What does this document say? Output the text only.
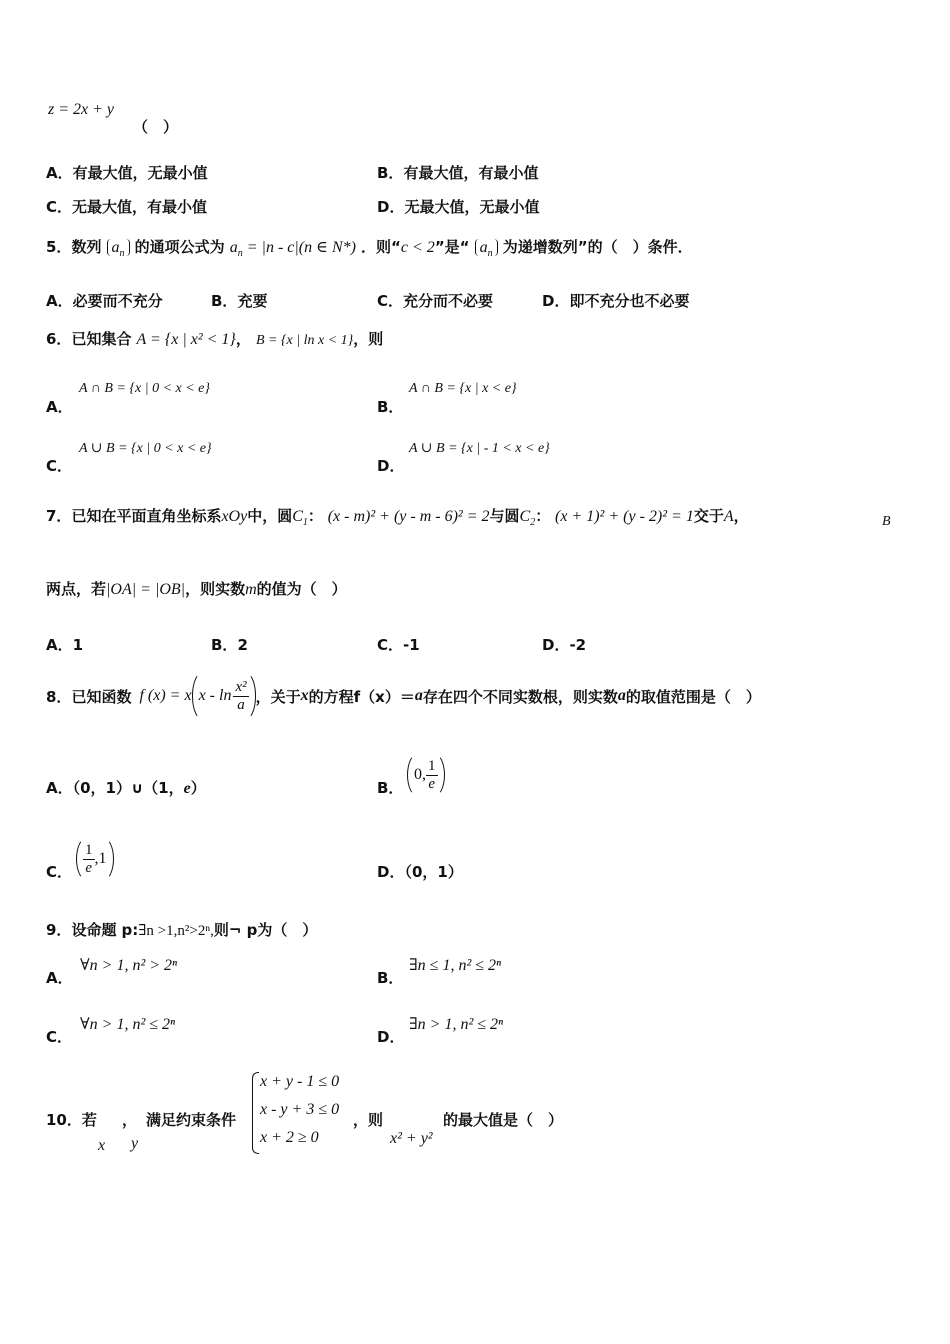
z = 2x + y
（　）
A．有最大值，无最小值	B．有最大值，有最小值
C．无最大值，有最小值	D．无最大值，无最小值
5．数列 $a_n$ 的通项公式为 $a_n = |n - c|(n$ ∈ N*) ．则“c < 2”是“ $a_n$ 为递增数列”的（　）条件．
A．必要而不充分	B．充要	C．充分而不必要	D．即不充分也不必要
6．已知集合 A = {x | x² < 1}， B = {x | ln x < 1}，则
A．
A ∩ B = {x | 0 < x < e}
B．
A ∩ B = {x | x < e}
C．
A ∪ B = {x | 0 < x < e}
D．
A ∪ B = {x | - 1 < x < e}
7．已知在平面直角坐标系xOy中，圆$C_1$： (x - m)² + (y - m - 6)² = 2与圆$C_2$： (x + 1)² + (y - 2)² = 1交于A，	B
两点，若|OA| = |OB|，则实数m的值为（　）
A．1	B．2	C．-1	D．-2
8． 已知函数 f (x) = x x - $\ln \frac{\text{x²}}{a}$ ，关于 x 的方程 f（x）＝ a 存在四个不同实数根，则实数 a 的取值范围是（　）
A．（0，1）∪（1，e）	B．
0, $\frac{1}{e}$
C． $\frac{1}{e} ,1$
D．（0，1）
9．设命题 p:∃n >1,n²>2ⁿ,则¬ p为（　）
A．
∀n > 1, n² > 2ⁿ
B．
∃n ≤ 1, n² ≤ 2ⁿ
C．
∀n > 1, n² ≤ 2ⁿ
D．
∃n > 1, n² ≤ 2ⁿ
10．若 ，
x y
满足约束条件
x + y - 1 ≤ 0
x - y + 3 ≤ 0
x + 2 ≥ 0
，则
x² + y²
的最大值是（　）
